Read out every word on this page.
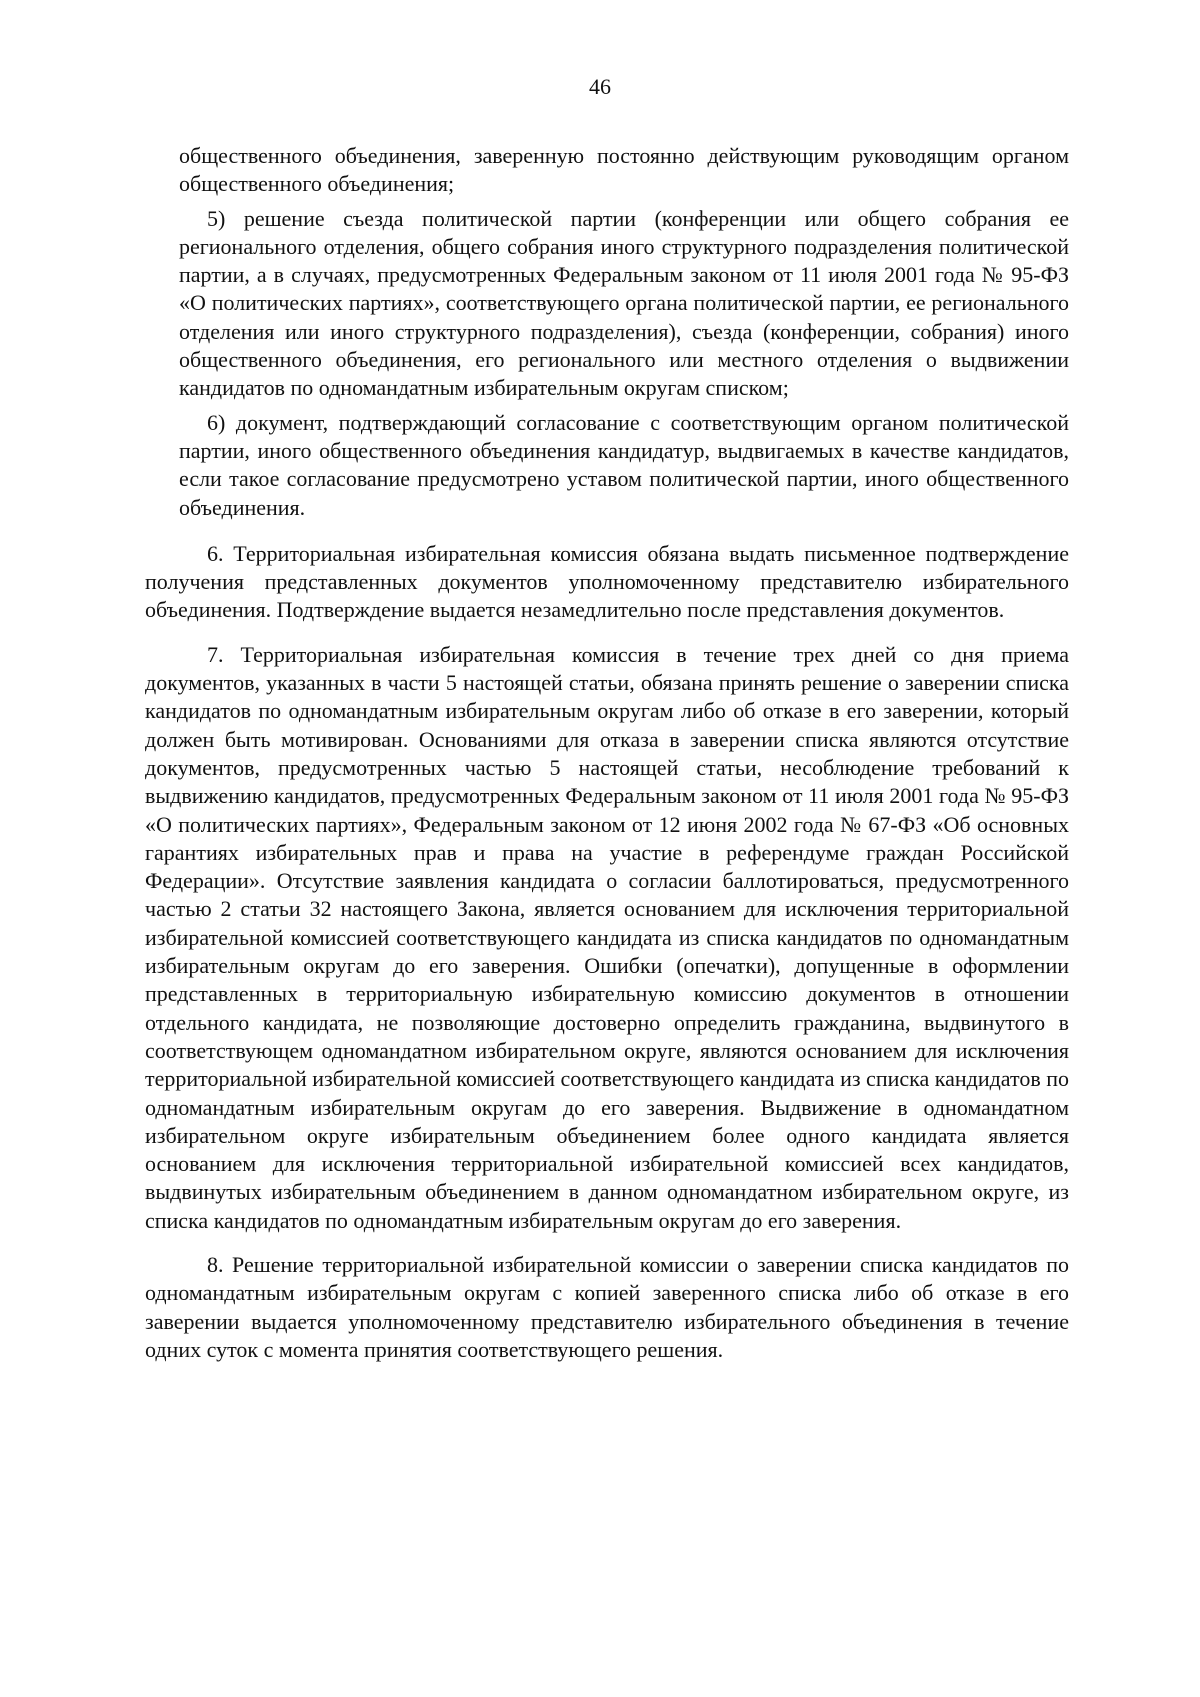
46

общественного объединения, заверенную постоянно действующим руководящим органом общественного объединения;

5) решение съезда политической партии (конференции или общего собрания ее регионального отделения, общего собрания иного структурного подразделения политической партии, а в случаях, предусмотренных Федеральным законом от 11 июля 2001 года № 95-ФЗ «О политических партиях», соответствующего органа политической партии, ее регионального отделения или иного структурного подразделения), съезда (конференции, собрания) иного общественного объединения, его регионального или местного отделения о выдвижении кандидатов по одномандатным избирательным округам списком;

6) документ, подтверждающий согласование с соответствующим органом политической партии, иного общественного объединения кандидатур, выдвигаемых в качестве кандидатов, если такое согласование предусмотрено уставом политической партии, иного общественного объединения.

6. Территориальная избирательная комиссия обязана выдать письменное подтверждение получения представленных документов уполномоченному представителю избирательного объединения. Подтверждение выдается незамедлительно после представления документов.

7. Территориальная избирательная комиссия в течение трех дней со дня приема документов, указанных в части 5 настоящей статьи, обязана принять решение о заверении списка кандидатов по одномандатным избирательным округам либо об отказе в его заверении, который должен быть мотивирован. Основаниями для отказа в заверении списка являются отсутствие документов, предусмотренных частью 5 настоящей статьи, несоблюдение требований к выдвижению кандидатов, предусмотренных Федеральным законом от 11 июля 2001 года № 95-ФЗ «О политических партиях», Федеральным законом от 12 июня 2002 года № 67-ФЗ «Об основных гарантиях избирательных прав и права на участие в референдуме граждан Российской Федерации». Отсутствие заявления кандидата о согласии баллотироваться, предусмотренного частью 2 статьи 32 настоящего Закона, является основанием для исключения территориальной избирательной комиссией соответствующего кандидата из списка кандидатов по одномандатным избирательным округам до его заверения. Ошибки (опечатки), допущенные в оформлении представленных в территориальную избирательную комиссию документов в отношении отдельного кандидата, не позволяющие достоверно определить гражданина, выдвинутого в соответствующем одномандатном избирательном округе, являются основанием для исключения территориальной избирательной комиссией соответствующего кандидата из списка кандидатов по одномандатным избирательным округам до его заверения. Выдвижение в одномандатном избирательном округе избирательным объединением более одного кандидата является основанием для исключения территориальной избирательной комиссией всех кандидатов, выдвинутых избирательным объединением в данном одномандатном избирательном округе, из списка кандидатов по одномандатным избирательным округам до его заверения.

8. Решение территориальной избирательной комиссии о заверении списка кандидатов по одномандатным избирательным округам с копией заверенного списка либо об отказе в его заверении выдается уполномоченному представителю избирательного объединения в течение одних суток с момента принятия соответствующего решения.
